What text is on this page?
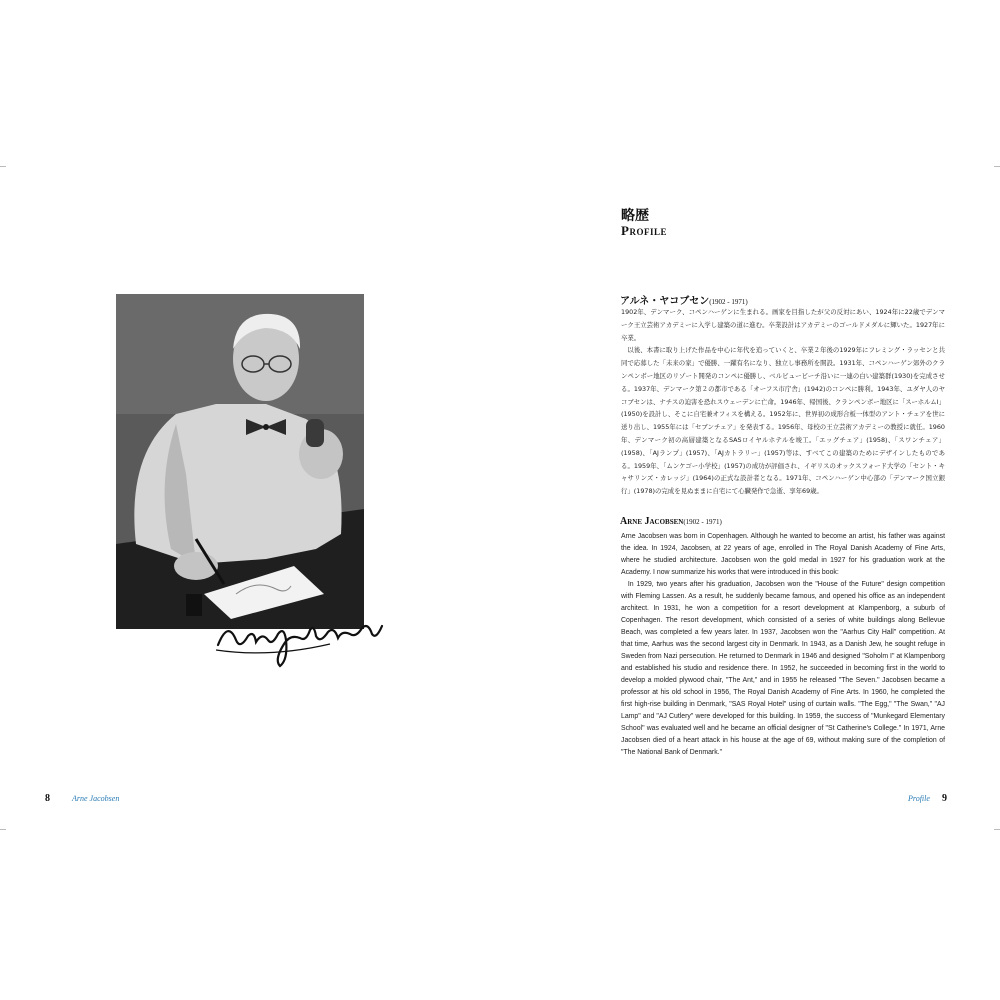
8	Arne Jacobsen
略歴
Profile
アルネ・ヤコブセン(1902 - 1971)

1902年、デンマーク、コペンハーゲンに生まれる。画家を目指したが父の反対にあい、1924年に22歳でデンマーク王立芸術アカデミーに入学し建築の道に進む。卒業設計はアカデミーのゴールドメダルに輝いた。1927年に卒業。

以後、本書に取り上げた作品を中心に年代を追っていくと、卒業２年後の1929年にフレミング・ラッセンと共同で応募した「未来の家」で優勝、一躍有名になり、独立し事務所を開設。1931年、コペンハーゲン郊外のクランペンボー地区のリゾート開発のコンペに優勝し、ベルビュービーチ沿いに一連の白い建築群(1930)を完成させる。1937年、デンマーク第２の都市である「オーフス市庁舎」(1942)のコンペに勝利。1943年、ユダヤ人のヤコブセンは、ナチスの迫害を恐れスウェーデンに亡命。1946年、帰国後、クランペンボー地区に「スーホルムⅠ」(1950)を設計し、そこに自宅兼オフィスを構える。1952年に、世界初の成形合板一体型のアント・チェアを世に送り出し、1955年には「セブンチェア」を発表する。1956年、母校の王立芸術アカデミーの教授に就任。1960年、デンマーク初の高層建築となるSASロイヤルホテルを竣工。「エッグチェア」(1958)、「スワンチェア」(1958)、「AJランプ」(1957)、「AJカトラリー」(1957)等は、すべてこの建築のためにデザインしたものである。1959年、「ムンケゴー小学校」(1957)の成功が評価され、イギリスのオックスフォード大学の「セント・キャサリンズ・カレッジ」(1964)の正式な設計者となる。1971年、コペンハーゲン中心部の「デンマーク国立銀行」(1978)の完成を見ぬままに自宅にて心臓発作で急逝、享年69歳。

Arne Jacobsen(1902 - 1971)

Arne Jacobsen was born in Copenhagen. Although he wanted to become an artist, his father was against the idea. In 1924, Jacobsen, at 22 years of age, enrolled in The Royal Danish Academy of Fine Arts, where he studied architecture. Jacobsen won the gold medal in 1927 for his graduation work at the Academy. I now summarize his works that were introduced in this book:

In 1929, two years after his graduation, Jacobsen won the "House of the Future" design competition with Fleming Lassen. As a result, he suddenly became famous, and opened his office as an independent architect. In 1931, he won a competition for a resort development at Klampenborg, a suburb of Copenhagen. The resort development, which consisted of a series of white buildings along Bellevue Beach, was completed a few years later. In 1937, Jacobsen won the "Aarhus City Hall" competition. At that time, Aarhus was the second largest city in Denmark. In 1943, as a Danish Jew, he sought refuge in Sweden from Nazi persecution. He returned to Denmark in 1946 and designed "Soholm I" at Klampenborg and established his studio and residence there. In 1952, he succeeded in becoming first in the world to develop a molded plywood chair, "The Ant," and in 1955 he released "The Seven." Jacobsen became a professor at his old school in 1956, The Royal Danish Academy of Fine Arts. In 1960, he completed the first high-rise building in Denmark, "SAS Royal Hotel" using of curtain walls. "The Egg," "The Swan," "AJ Lamp" and "AJ Cutlery" were developed for this building. In 1959, the success of "Munkegard Elementary School" was evaluated well and he became an official designer of "St Catherine's College." In 1971, Arne Jacobsen died of a heart attack in his house at the age of 69, without making sure of the completion of "The National Bank of Denmark."

Profile 9
